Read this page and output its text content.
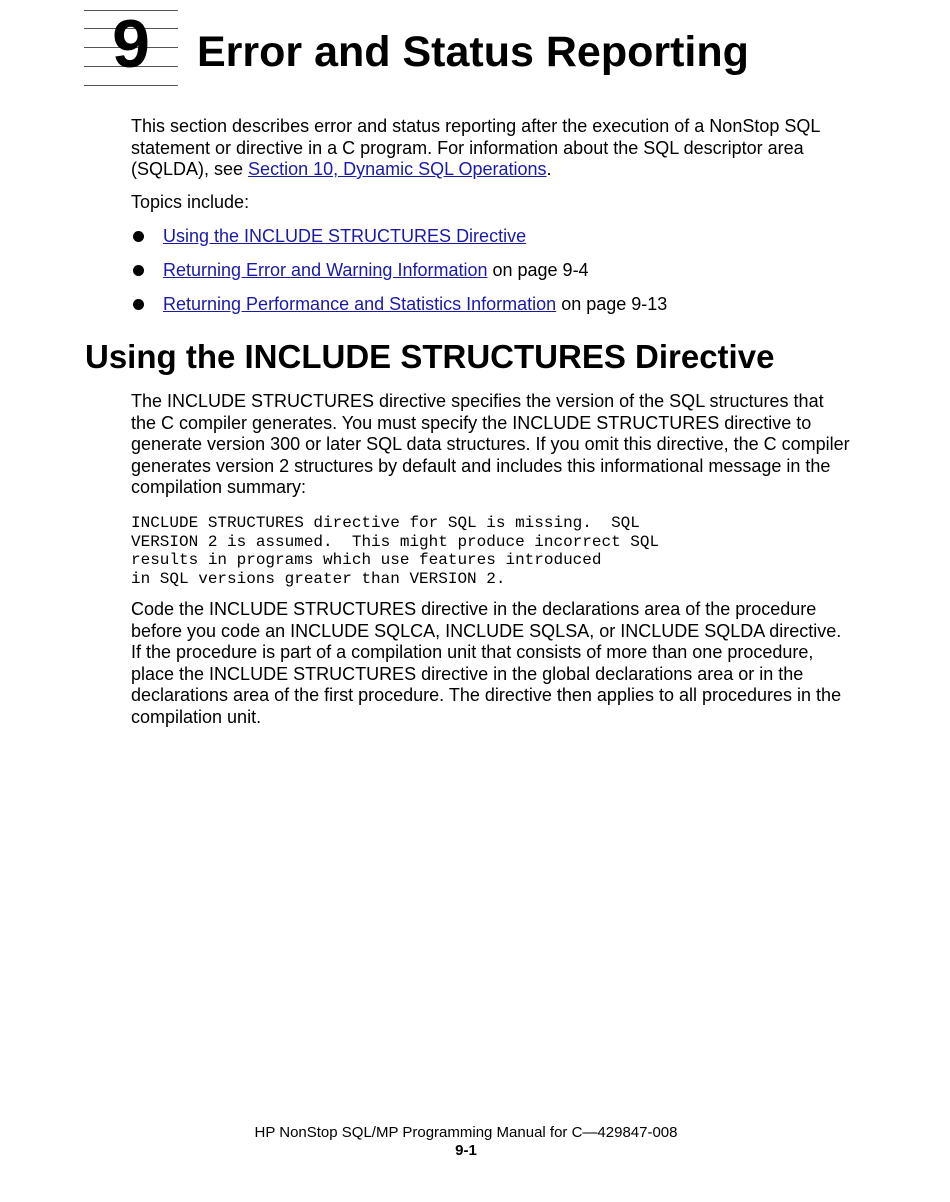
9	Error and Status Reporting

This section describes error and status reporting after the execution of a NonStop SQL statement or directive in a C program. For information about the SQL descriptor area (SQLDA), see Section 10, Dynamic SQL Operations.

Topics include:

Using the INCLUDE STRUCTURES Directive
Returning Error and Warning Information on page 9-4
Returning Performance and Statistics Information on page 9-13
Using the INCLUDE STRUCTURES Directive

The INCLUDE STRUCTURES directive specifies the version of the SQL structures that the C compiler generates. You must specify the INCLUDE STRUCTURES directive to generate version 300 or later SQL data structures. If you omit this directive, the C compiler generates version 2 structures by default and includes this informational message in the compilation summary:

INCLUDE STRUCTURES directive for SQL is missing.  SQL
VERSION 2 is assumed.  This might produce incorrect SQL
results in programs which use features introduced
in SQL versions greater than VERSION 2.

Code the INCLUDE STRUCTURES directive in the declarations area of the procedure before you code an INCLUDE SQLCA, INCLUDE SQLSA, or INCLUDE SQLDA directive. If the procedure is part of a compilation unit that consists of more than one procedure, place the INCLUDE STRUCTURES directive in the global declarations area or in the declarations area of the first procedure. The directive then applies to all procedures in the compilation unit.

HP NonStop SQL/MP Programming Manual for C—429847-008
9-1
